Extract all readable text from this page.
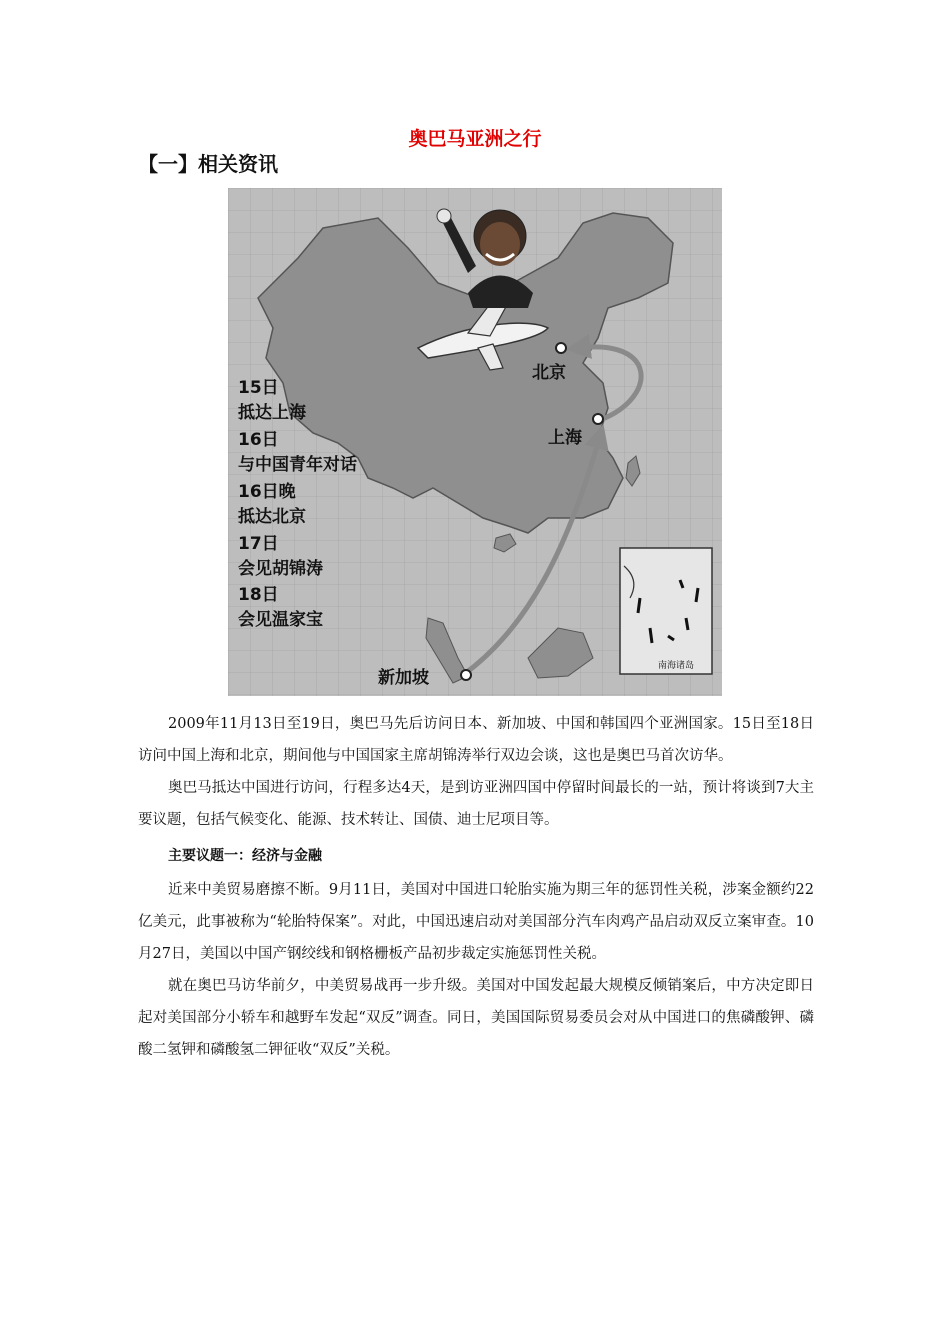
奥巴马亚洲之行
【一】相关资讯
15日
抵达上海
16日
与中国青年对话
16日晚
抵达北京
17日
会见胡锦涛
18日
会见温家宝
北京
上海
新加坡
南海诸岛

2009年11月13日至19日，奥巴马先后访问日本、新加坡、中国和韩国四个亚洲国家。15日至18日访问中国上海和北京，期间他与中国国家主席胡锦涛举行双边会谈，这也是奥巴马首次访华。

奥巴马抵达中国进行访问，行程多达4天，是到访亚洲四国中停留时间最长的一站，预计将谈到7大主要议题，包括气候变化、能源、技术转让、国债、迪士尼项目等。

主要议题一：经济与金融

近来中美贸易磨擦不断。9月11日，美国对中国进口轮胎实施为期三年的惩罚性关税，涉案金额约22亿美元，此事被称为“轮胎特保案”。对此，中国迅速启动对美国部分汽车肉鸡产品启动双反立案审查。10月27日，美国以中国产钢绞线和钢格栅板产品初步裁定实施惩罚性关税。

就在奥巴马访华前夕，中美贸易战再一步升级。美国对中国发起最大规模反倾销案后，中方决定即日起对美国部分小轿车和越野车发起“双反”调查。同日，美国国际贸易委员会对从中国进口的焦磷酸钾、磷酸二氢钾和磷酸氢二钾征收“双反”关税。
